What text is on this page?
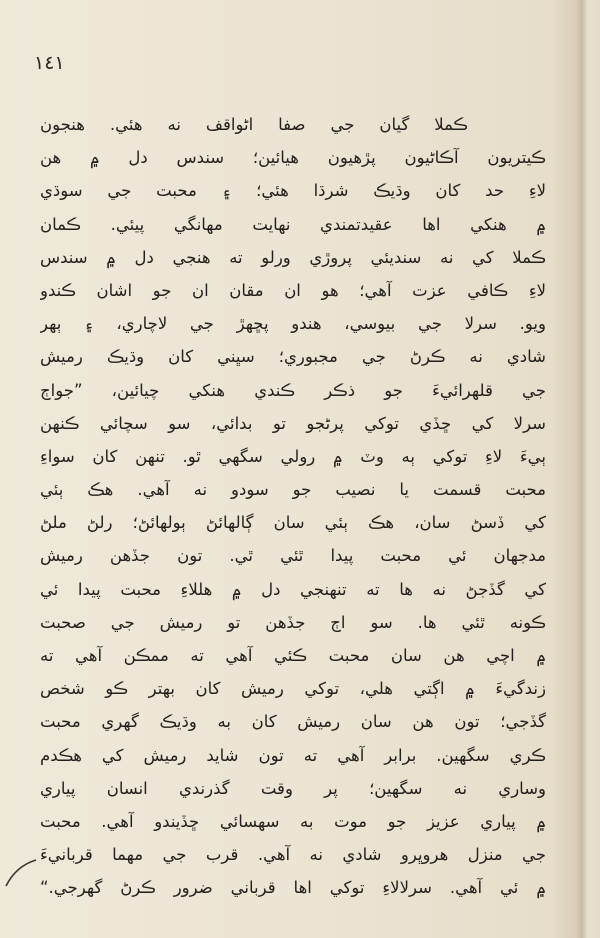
١٤١
ڪملا گيان جي صفا اڻواقف نه هئي. هنجون
ڪيتريون آڪاڻيون پڙهيون هيائين؛ سندس دل ۾ هن
لاءِ حد کان وڌيڪ شرڌا هئي؛ ۽ محبت جي سوڌي
۾ هنکي اها عقيدتمندي نهايت مهانگي پيئي. ڪمان
ڪملا کي نه سنديئي پروڙي ورلو ته هنجي دل ۾ سندس
لاءِ ڪافي عزت آهي؛ هو ان مقان ان جو اشان ڪندو
ويو. سرلا جي بيوسي، هندو پڇهڙ جي لاچاري، ۽ ٻهر
شادي نه ڪرڻ جي مجبوري؛ سڀني کان وڌيڪ رميش
جي قلهرائيءَ جو ذڪر ڪندي هنکي چيائين، ”جواڄ
سرلا کي ڇڏي توکي پرڻجو تو بدائي، سو سچائي ڪنهن
ٻيءَ لاءِ توکي ٻه وٽ ۾ رولي سگهي ٿو. تنهن کان سواءِ
محبت قسمت يا نصيب جو سودو نه آهي. هڪ ٻئي
کي ڏسڻ سان، هڪ ٻئي سان ڳالهائڻ ٻولهائڻ؛ رلڻ ملڻ
مدجهان ئي محبت پيدا ٿئي ٿي. تون جڏهن رميش
کي گڏجڻ نه ها ته تنهنجي دل ۾ هللاءِ محبت پيدا ئي
ڪونه ٿئي ها. سو اڄ جڏهن تو رميش جي صحبت
۾ اچي هن سان محبت ڪئي آهي ته ممڪن آهي ته
زندگيءَ ۾ اڳتي هلي، توکي رميش کان بهتر ڪو شخص
گڏجي؛ تون هن سان رميش کان به وڌيڪ گهري محبت
ڪري سگهين. برابر آهي ته تون شايد رميش کي هڪدم
وساري نه سگهين؛ پر وقت گذرندي انسان پياري
۾ پياري عزيز جو موت به سهسائي ڇڏيندو آهي. محبت
جي منزل هروڀرو شادي نه آهي. قرب جي مهما قربانيءَ
۾ ئي آهي. سرلالاءِ توکي اها قرباني ضرور ڪرڻ گهرجي.“
